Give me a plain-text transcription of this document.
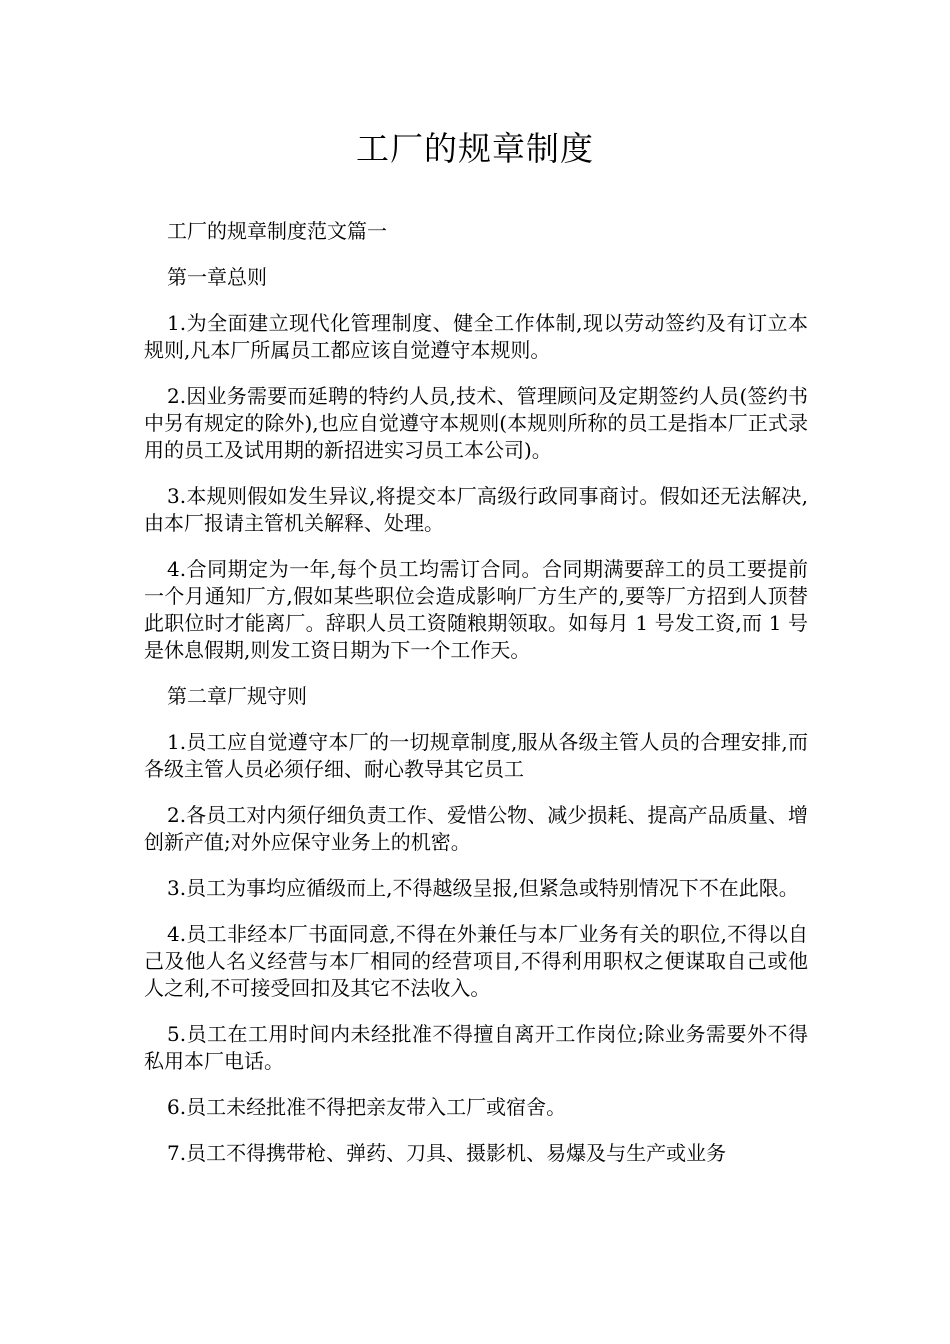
工厂的规章制度

工厂的规章制度范文篇一

第一章总则

1.为全面建立现代化管理制度、健全工作体制,现以劳动签约及有订立本规则,凡本厂所属员工都应该自觉遵守本规则。

2.因业务需要而延聘的特约人员,技术、管理顾问及定期签约人员(签约书中另有规定的除外),也应自觉遵守本规则(本规则所称的员工是指本厂正式录用的员工及试用期的新招进实习员工本公司)。

3.本规则假如发生异议,将提交本厂高级行政同事商讨。假如还无法解决,由本厂报请主管机关解释、处理。

4.合同期定为一年,每个员工均需订合同。合同期满要辞工的员工要提前一个月通知厂方,假如某些职位会造成影响厂方生产的,要等厂方招到人顶替此职位时才能离厂。辞职人员工资随粮期领取。如每月 1 号发工资,而 1 号是休息假期,则发工资日期为下一个工作天。

第二章厂规守则

1.员工应自觉遵守本厂的一切规章制度,服从各级主管人员的合理安排,而各级主管人员必须仔细、耐心教导其它员工

2.各员工对内须仔细负责工作、爱惜公物、减少损耗、提高产品质量、增创新产值;对外应保守业务上的机密。

3.员工为事均应循级而上,不得越级呈报,但紧急或特别情况下不在此限。

4.员工非经本厂书面同意,不得在外兼任与本厂业务有关的职位,不得以自己及他人名义经营与本厂相同的经营项目,不得利用职权之便谋取自己或他人之利,不可接受回扣及其它不法收入。

5.员工在工用时间内未经批准不得擅自离开工作岗位;除业务需要外不得私用本厂电话。

6.员工未经批准不得把亲友带入工厂或宿舍。

7.员工不得携带枪、弹药、刀具、摄影机、易爆及与生产或业务
